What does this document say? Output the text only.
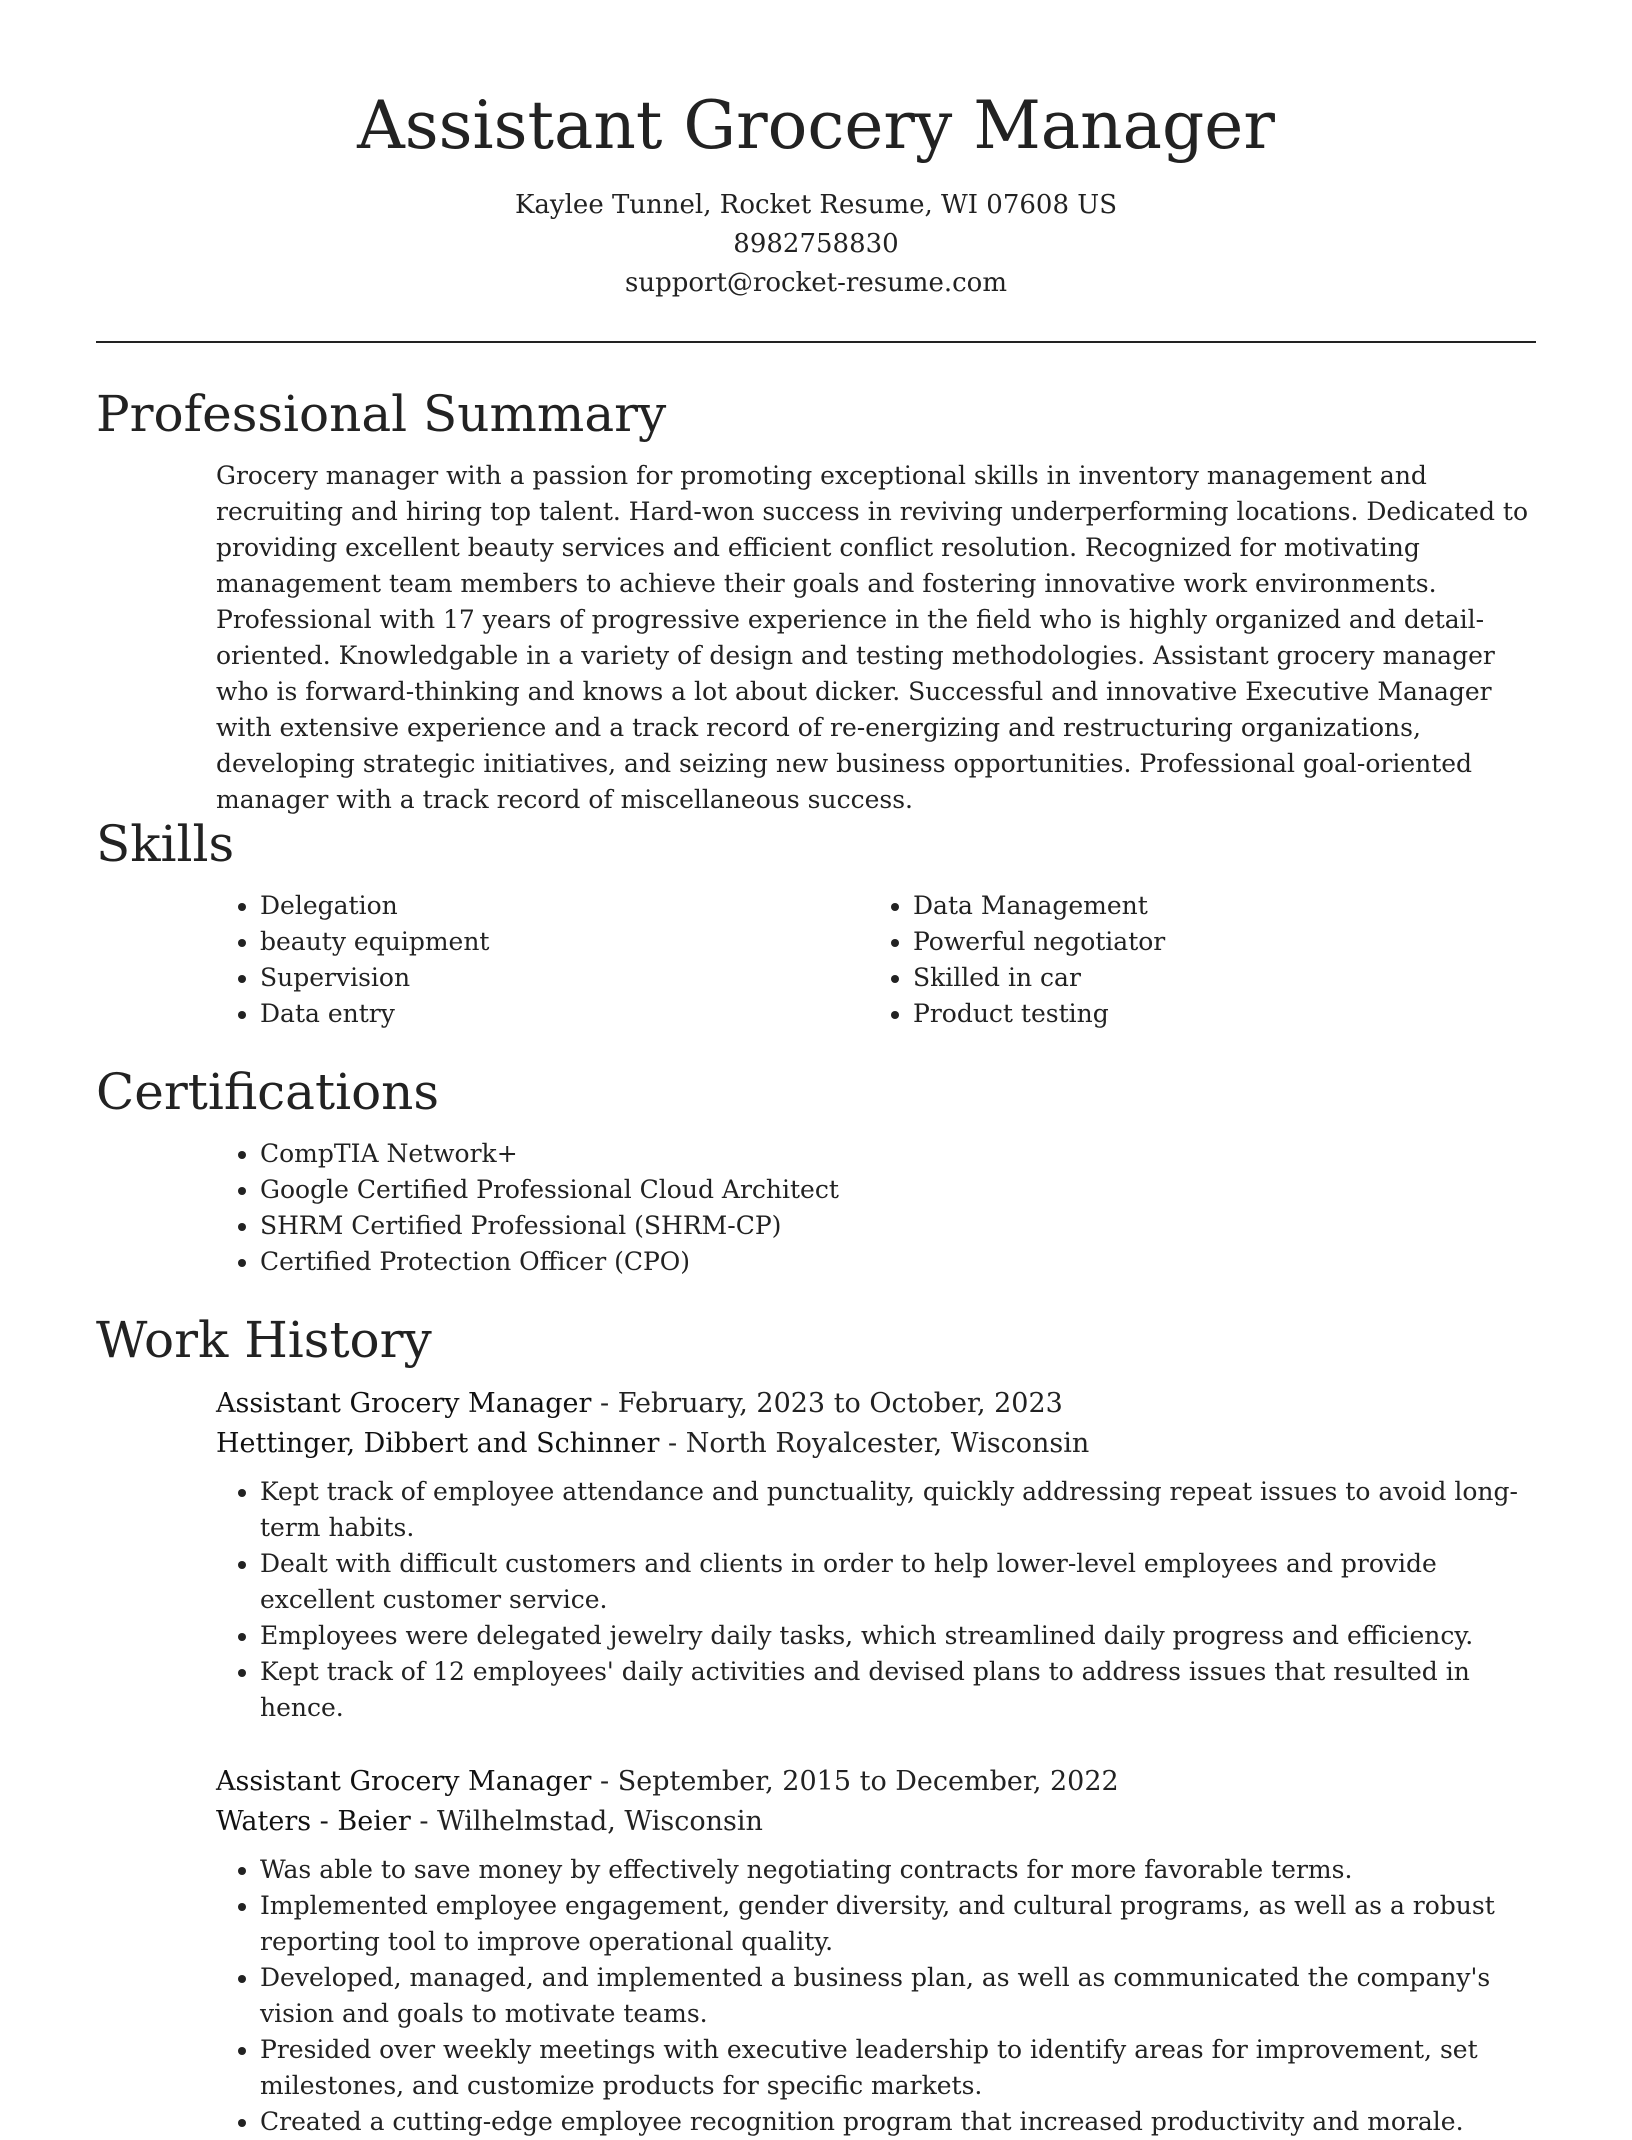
Assistant Grocery Manager
Kaylee Tunnel, Rocket Resume, WI 07608 US
8982758830
support@rocket-resume.com
Professional Summary
Grocery manager with a passion for promoting exceptional skills in inventory management and recruiting and hiring top talent. Hard-won success in reviving underperforming locations. Dedicated to providing excellent beauty services and efficient conflict resolution. Recognized for motivating management team members to achieve their goals and fostering innovative work environments. Professional with 17 years of progressive experience in the field who is highly organized and detail-oriented. Knowledgable in a variety of design and testing methodologies. Assistant grocery manager who is forward-thinking and knows a lot about dicker. Successful and innovative Executive Manager with extensive experience and a track record of re-energizing and restructuring organizations, developing strategic initiatives, and seizing new business opportunities. Professional goal-oriented manager with a track record of miscellaneous success.
Skills
• Delegation
• beauty equipment
• Supervision
• Data entry
• Data Management
• Powerful negotiator
• Skilled in car
• Product testing
Certifications
• CompTIA Network+
• Google Certified Professional Cloud Architect
• SHRM Certified Professional (SHRM-CP)
• Certified Protection Officer (CPO)
Work History
Assistant Grocery Manager - February, 2023 to October, 2023
Hettinger, Dibbert and Schinner - North Royalcester, Wisconsin
• Kept track of employee attendance and punctuality, quickly addressing repeat issues to avoid long-term habits.
• Dealt with difficult customers and clients in order to help lower-level employees and provide excellent customer service.
• Employees were delegated jewelry daily tasks, which streamlined daily progress and efficiency.
• Kept track of 12 employees' daily activities and devised plans to address issues that resulted in hence.
Assistant Grocery Manager - September, 2015 to December, 2022
Waters - Beier - Wilhelmstad, Wisconsin
• Was able to save money by effectively negotiating contracts for more favorable terms.
• Implemented employee engagement, gender diversity, and cultural programs, as well as a robust reporting tool to improve operational quality.
• Developed, managed, and implemented a business plan, as well as communicated the company's vision and goals to motivate teams.
• Presided over weekly meetings with executive leadership to identify areas for improvement, set milestones, and customize products for specific markets.
• Created a cutting-edge employee recognition program that increased productivity and morale.
